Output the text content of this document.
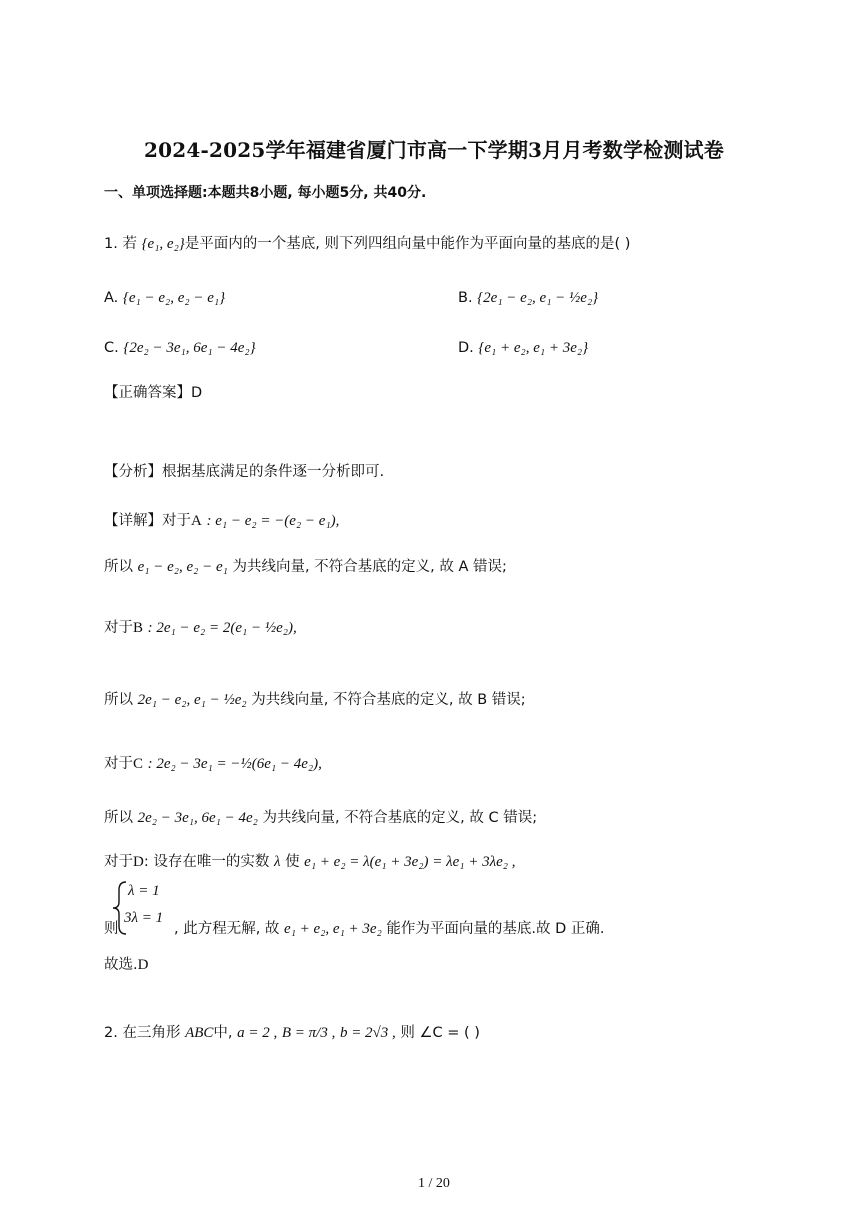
2024-2025学年福建省厦门市高一下学期3月月考数学检测试卷
一、单项选择题:本题共8小题, 每小题5分, 共40分.
1. 若 {e₁, e₂}是平面内的一个基底, 则下列四组向量中能作为平面向量的基底的是( )
A. {e₁ − e₂, e₂ − e₁}	B. {2e₁ − e₂, e₁ − ½e₂}
C. {2e₂ − 3e₁, 6e₁ − 4e₂}	D. {e₁ + e₂, e₁ + 3e₂}
【正确答案】D
【分析】根据基底满足的条件逐一分析即可.
【详解】对于A : e₁ − e₂ = −(e₂ − e₁),
所以 e₁ − e₂, e₂ − e₁ 为共线向量, 不符合基底的定义, 故 A 错误;
对于B : 2e₁ − e₂ = 2(e₁ − ½e₂),
所以 2e₁ − e₂, e₁ − ½e₂ 为共线向量, 不符合基底的定义, 故 B 错误;
对于C : 2e₂ − 3e₁ = −½(6e₁ − 4e₂),
所以 2e₂ − 3e₁, 6e₁ − 4e₂ 为共线向量, 不符合基底的定义, 故 C 错误;
对于D: 设存在唯一的实数 λ 使 e₁ + e₂ = λ(e₁ + 3e₂) = λe₁ + 3λe₂ ,
则
λ = 1
3λ = 1
, 此方程无解, 故 e₁ + e₂, e₁ + 3e₂ 能作为平面向量的基底.故 D 正确.
故选.D
2. 在三角形 ABC中, a = 2 , B = π/3 , b = 2√3 , 则 ∠C = ( )
1 / 20
